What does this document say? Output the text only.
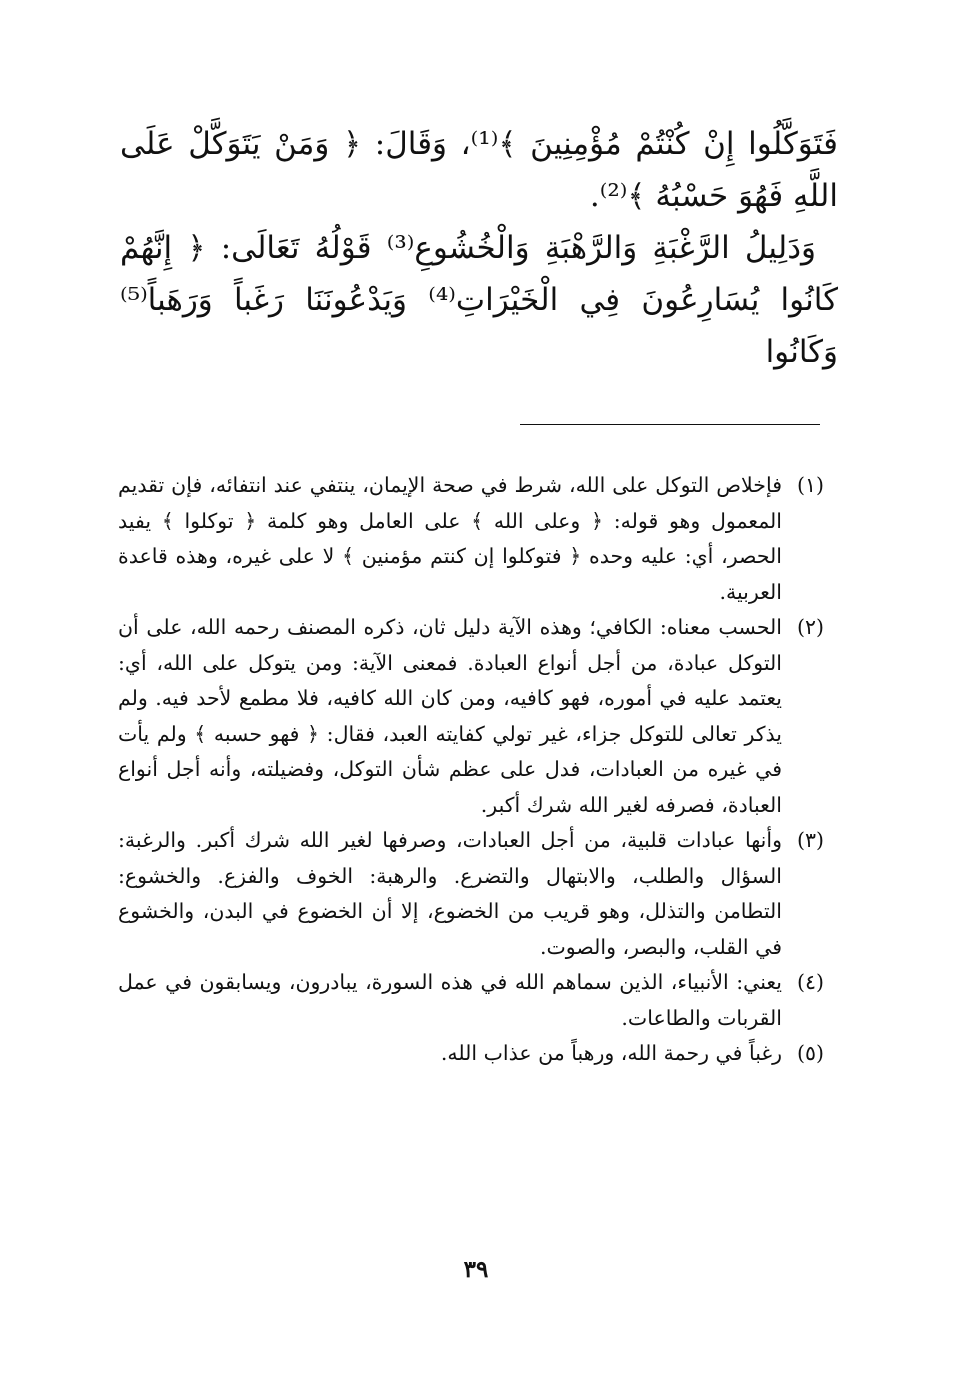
فَتَوَكَّلُوا إِنْ كُنْتُمْ مُؤْمِنِينَ ﴾⁽¹⁾، وَقَالَ: ﴿ وَمَنْ يَتَوَكَّلْ عَلَى اللَّهِ فَهُوَ حَسْبُهُ ﴾⁽²⁾.

وَدَلِيلُ الرَّغْبَةِ وَالرَّهْبَةِ وَالْخُشُوعِ⁽³⁾ قَوْلُهُ تَعَالَى: ﴿ إِنَّهُمْ كَانُوا يُسَارِعُونَ فِي الْخَيْرَاتِ⁽⁴⁾ وَيَدْعُونَنَا رَغَباً وَرَهَباً⁽⁵⁾ وَكَانُوا

(١)
فإخلاص التوكل على الله، شرط في صحة الإيمان، ينتفي عند انتفائه، فإن تقديم المعمول وهو قوله: ﴿ وعلى الله ﴾ على العامل وهو كلمة ﴿ توكلوا ﴾ يفيد الحصر، أي: عليه وحده ﴿ فتوكلوا إن كنتم مؤمنين ﴾ لا على غيره، وهذه قاعدة العربية.
(٢)
الحسب معناه: الكافي؛ وهذه الآية دليل ثان، ذكره المصنف رحمه الله، على أن التوكل عبادة، من أجل أنواع العبادة. فمعنى الآية: ومن يتوكل على الله، أي: يعتمد عليه في أموره، فهو كافيه، ومن كان الله كافيه، فلا مطمع لأحد فيه. ولم يذكر تعالى للتوكل جزاء، غير تولي كفايته العبد، فقال: ﴿ فهو حسبه ﴾ ولم يأت في غيره من العبادات، فدل على عظم شأن التوكل، وفضيلته، وأنه أجل أنواع العبادة، فصرفه لغير الله شرك أكبر.
(٣)
وأنها عبادات قلبية، من أجل العبادات، وصرفها لغير الله شرك أكبر. والرغبة: السؤال والطلب، والابتهال والتضرع. والرهبة: الخوف والفزع. والخشوع: التطامن والتذلل، وهو قريب من الخضوع، إلا أن الخضوع في البدن، والخشوع في القلب، والبصر، والصوت.
(٤)
يعني: الأنبياء، الذين سماهم الله في هذه السورة، يبادرون، ويسابقون في عمل القربات والطاعات.
(٥)
رغباً في رحمة الله، ورهباً من عذاب الله.
٣٩
